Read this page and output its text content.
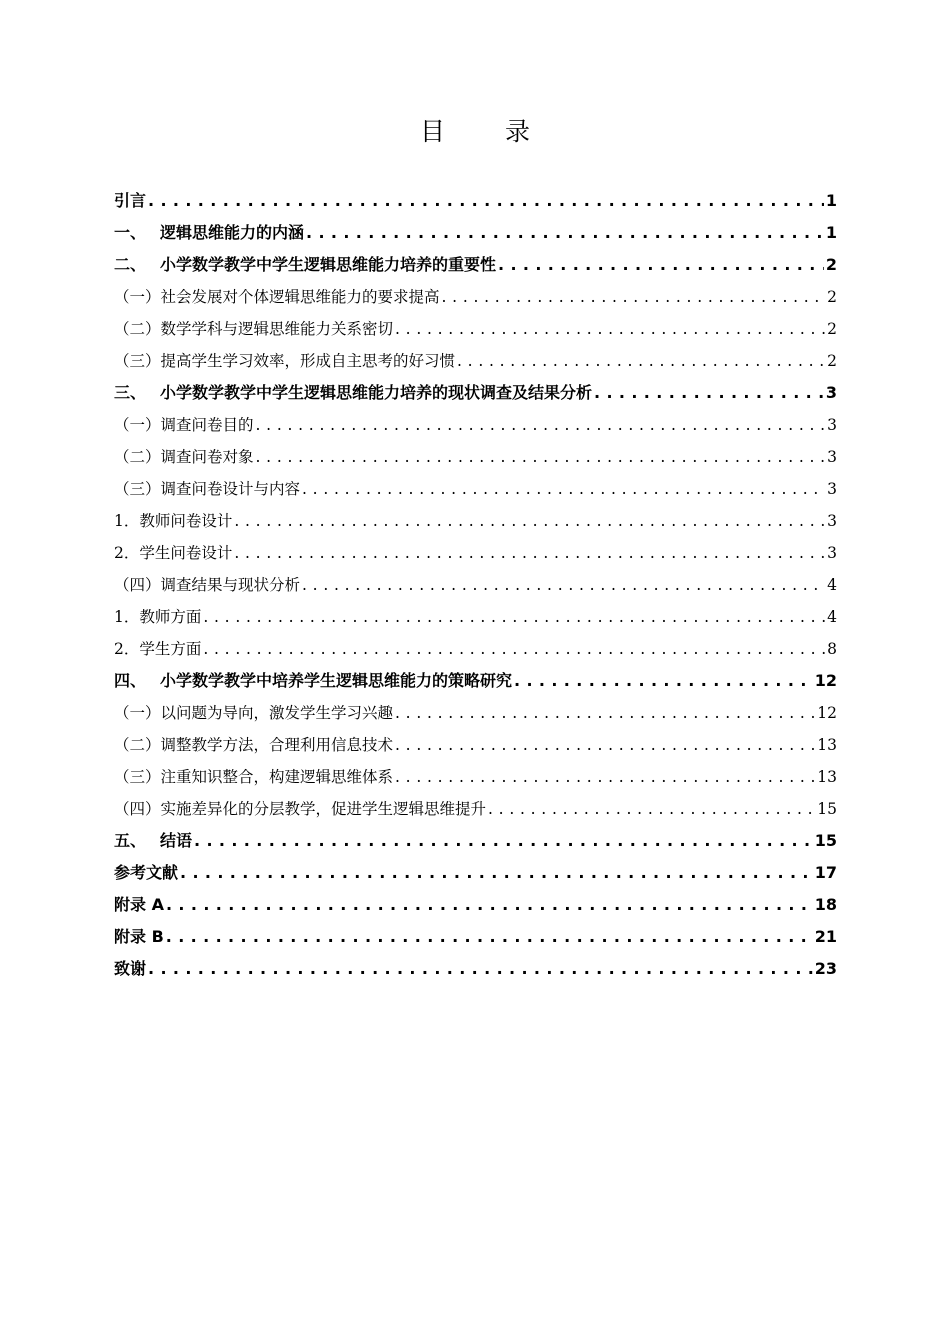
目 录
引言 . . .	1
一、 逻辑思维能力的内涵 . . .	1
二、 小学数学教学中学生逻辑思维能力培养的重要性 . . .	2
（一）社会发展对个体逻辑思维能力的要求提高 . . .	2
（二）数学学科与逻辑思维能力关系密切 . . .	2
（三）提高学生学习效率，形成自主思考的好习惯 . . .	2
三、 小学数学教学中学生逻辑思维能力培养的现状调查及结果分析 . . .	3
（一）调查问卷目的 . . .	3
（二）调查问卷对象 . . .	3
（三）调查问卷设计与内容 . . .	3
1．教师问卷设计 . . .	3
2．学生问卷设计 . . .	3
（四）调查结果与现状分析 . . .	4
1．教师方面 . . .	4
2．学生方面 . . .	8
四、 小学数学教学中培养学生逻辑思维能力的策略研究 . . .	12
（一）以问题为导向，激发学生学习兴趣 . . .	12
（二）调整教学方法，合理利用信息技术 . . .	13
（三）注重知识整合，构建逻辑思维体系 . . .	13
（四）实施差异化的分层教学，促进学生逻辑思维提升 . . .	15
五、 结语 . . .	15
参考文献 . . .	17
附录 A . . .	18
附录 B . . .	21
致谢 . . .	23
